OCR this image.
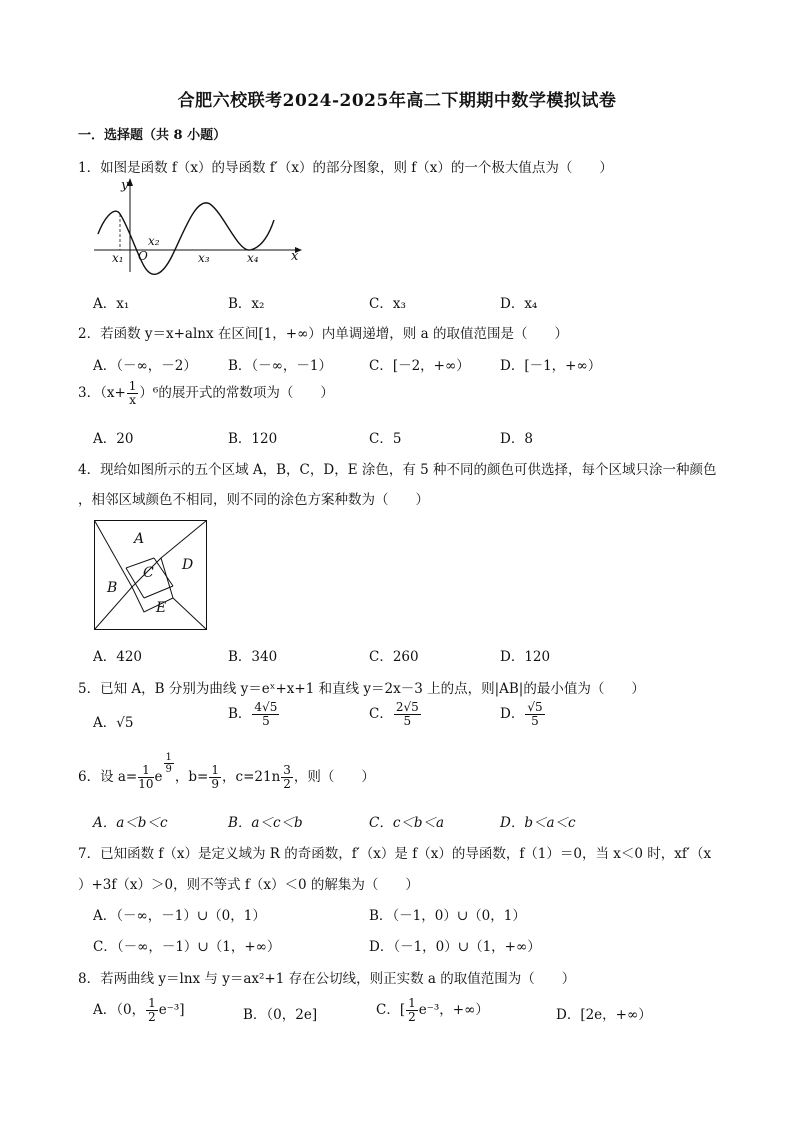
合肥六校联考2024-2025年高二下期期中数学模拟试卷
一．选择题（共 8 小题）
1．如图是函数 f（x）的导函数 f′（x）的部分图象，则 f（x）的一个极大值点为（　　）
y
x
O
x₁
x₂
x₃	x₄
A．x₁	B．x₂	C．x₃	D．x₄
2．若函数 y＝x+alnx 在区间[1，+∞）内单调递增，则 a 的取值范围是（　　）
A．（－∞，－2） B．（－∞，－1）	C．[－2，+∞） D．[－1，+∞）
3．$(x+ \frac{1}{x} )^6$的展开式的常数项为（　　）
A．20	B．120	C．5	D．8
4．现给如图所示的五个区域 A，B，C，D，E 涂色，有 5 种不同的颜色可供选择，每个区域只涂一种颜色
，相邻区域颜色不相同，则不同的涂色方案种数为（　　）
A
B
C D
E
A．420	B．340	C．260	D．120
5．已知 A，B 分别为曲线 y＝eˣ+x+1 和直线 y＝2x－3 上的点，则|AB|的最小值为（　　）
A．√5
B． $\frac{4√5}{5}$	C． $\frac{2√5}{5}$	D． $\frac{√5}{5}$
6．设 $a= \frac{1}{10}$ e
$\frac{1}{9}$
，$b= \frac{1}{9}$ ，$c=21n \frac{3}{2}$ ，则（　　）
A．a＜b＜c	B．a＜c＜b	C．c＜b＜a	D．b＜a＜c
7．已知函数 f（x）是定义域为 R 的奇函数，f′（x）是 f（x）的导函数，f（1）＝0，当 x＜0 时，xf′（x
）+3f（x）＞0，则不等式 f（x）＜0 的解集为（　　）
A．（－∞，－1）∪（0，1）	B．（－1，0）∪（0，1）
C．（－∞，－1）∪（1，+∞）	D．（－1，0）∪（1，+∞）
8．若两曲线 y＝lnx 与 y＝ax²+1 存在公切线，则正实数 a 的取值范围为（　　）
A．（0， $\frac{1}{2} e^{-3}$]	B．（0，2e]	C．[ $\frac{1}{2} e^{-3}$，+∞）	D．[2e，+∞）
